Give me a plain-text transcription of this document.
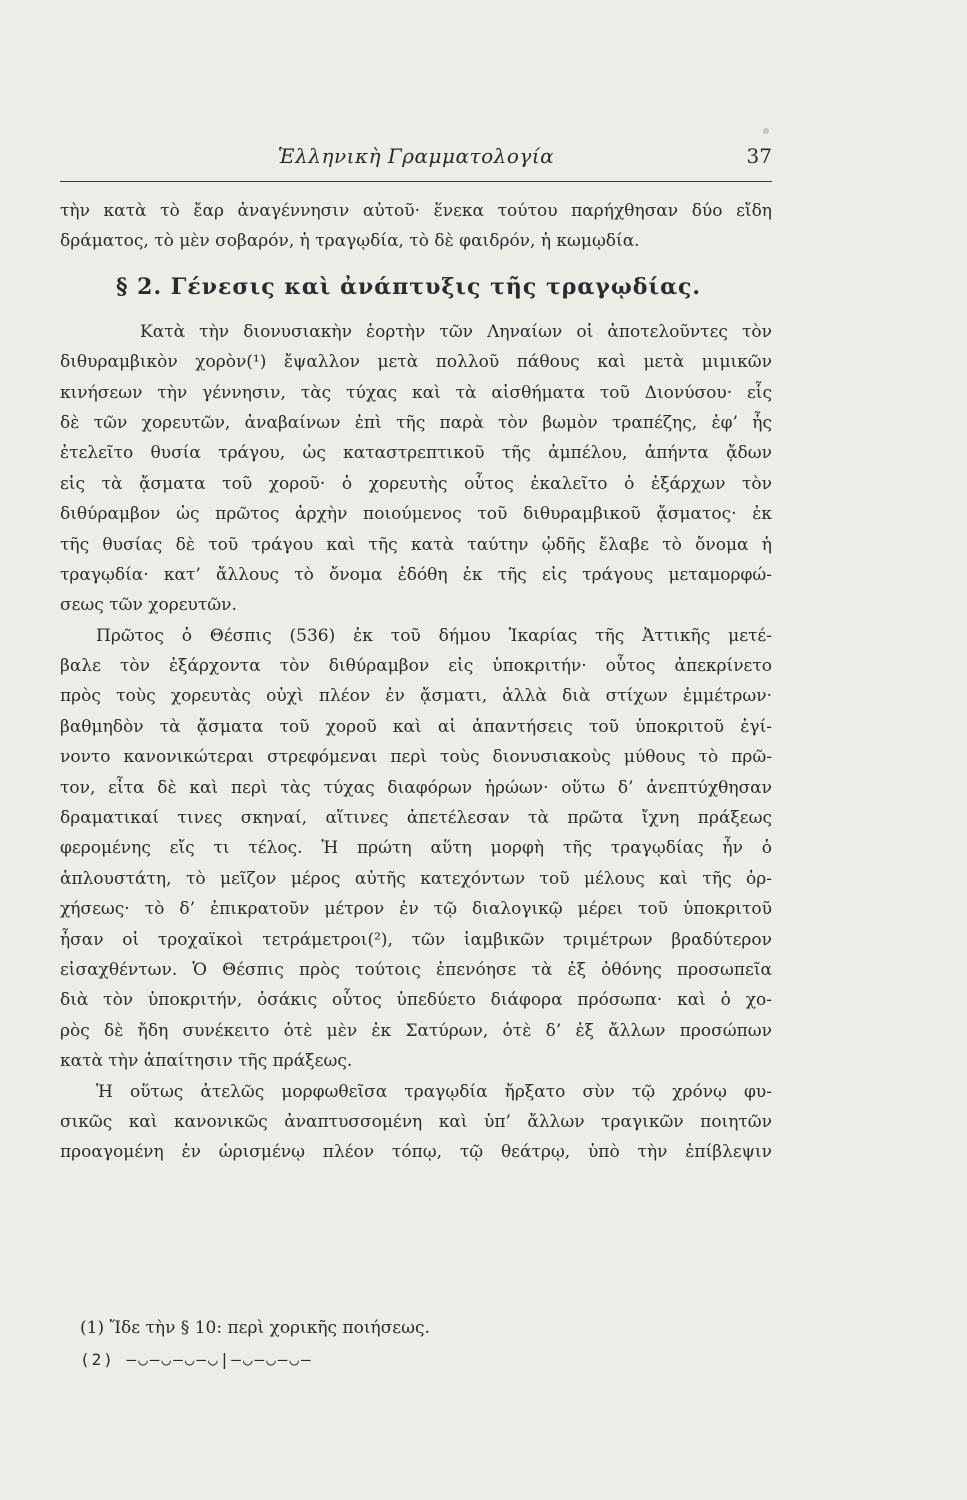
Ἑλληνικὴ Γραμματολογία	37
τὴν κατὰ τὸ ἔαρ ἀναγέννησιν αὐτοῦ· ἕνεκα τούτου παρήχθησαν δύο εἴδη
δράματος, τὸ μὲν σοβαρόν, ἡ τραγῳδία, τὸ δὲ φαιδρόν, ἡ κωμῳδία.
§ 2. Γένεσις καὶ ἀνάπτυξις τῆς τραγῳδίας.
Κατὰ τὴν διονυσιακὴν ἑορτὴν τῶν Ληναίων οἱ ἀποτελοῦντες τὸν
διθυραμβικὸν χορὸν(¹) ἔψαλλον μετὰ πολλοῦ πάθους καὶ μετὰ μιμικῶν
κινήσεων τὴν γέννησιν, τὰς τύχας καὶ τὰ αἰσθήματα τοῦ Διονύσου· εἷς
δὲ τῶν χορευτῶν, ἀναβαίνων ἐπὶ τῆς παρὰ τὸν βωμὸν τραπέζης, ἐφ’ ἧς
ἐτελεῖτο θυσία τράγου, ὡς καταστρεπτικοῦ τῆς ἀμπέλου, ἀπήντα ᾄδων
εἰς τὰ ᾄσματα τοῦ χοροῦ· ὁ χορευτὴς οὗτος ἐκαλεῖτο ὁ ἐξάρχων τὸν
διθύραμβον ὡς πρῶτος ἀρχὴν ποιούμενος τοῦ διθυραμβικοῦ ᾄσματος· ἐκ
τῆς θυσίας δὲ τοῦ τράγου καὶ τῆς κατὰ ταύτην ᾠδῆς ἔλαβε τὸ ὄνομα ἡ
τραγῳδία· κατ’ ἄλλους τὸ ὄνομα ἐδόθη ἐκ τῆς εἰς τράγους μεταμορφώ-
σεως τῶν χορευτῶν.
Πρῶτος ὁ Θέσπις (536) ἐκ τοῦ δήμου Ἰκαρίας τῆς Ἀττικῆς μετέ-
βαλε τὸν ἐξάρχοντα τὸν διθύραμβον εἰς ὑποκριτήν· οὗτος ἀπεκρίνετο
πρὸς τοὺς χορευτὰς οὐχὶ πλέον ἐν ᾄσματι, ἀλλὰ διὰ στίχων ἐμμέτρων·
βαθμηδὸν τὰ ᾄσματα τοῦ χοροῦ καὶ αἱ ἀπαντήσεις τοῦ ὑποκριτοῦ ἐγί-
νοντο κανονικώτεραι στρεφόμεναι περὶ τοὺς διονυσιακοὺς μύθους τὸ πρῶ-
τον, εἶτα δὲ καὶ περὶ τὰς τύχας διαφόρων ἡρώων· οὕτω δ’ ἀνεπτύχθησαν
δραματικαί τινες σκηναί, αἵτινες ἀπετέλεσαν τὰ πρῶτα ἴχνη πράξεως
φερομένης εἴς τι τέλος. Ἡ πρώτη αὕτη μορφὴ τῆς τραγῳδίας ἦν ὁ
ἁπλουστάτη, τὸ μεῖζον μέρος αὐτῆς κατεχόντων τοῦ μέλους καὶ τῆς ὀρ-
χήσεως· τὸ δ’ ἐπικρατοῦν μέτρον ἐν τῷ διαλογικῷ μέρει τοῦ ὑποκριτοῦ
ἦσαν οἱ τροχαϊκοὶ τετράμετροι(²), τῶν ἰαμβικῶν τριμέτρων βραδύτερον
εἰσαχθέντων. Ὁ Θέσπις πρὸς τούτοις ἐπενόησε τὰ ἐξ ὀθόνης προσωπεῖα
διὰ τὸν ὑποκριτήν, ὁσάκις οὗτος ὑπεδύετο διάφορα πρόσωπα· καὶ ὁ χο-
ρὸς δὲ ἤδη συνέκειτο ὁτὲ μὲν ἐκ Σατύρων, ὁτὲ δ’ ἐξ ἄλλων προσώπων
κατὰ τὴν ἀπαίτησιν τῆς πράξεως.
Ἡ οὕτως ἀτελῶς μορφωθεῖσα τραγῳδία ἤρξατο σὺν τῷ χρόνῳ φυ-
σικῶς καὶ κανονικῶς ἀναπτυσσομένη καὶ ὑπ’ ἄλλων τραγικῶν ποιητῶν
προαγομένη ἐν ὡρισμένῳ πλέον τόπῳ, τῷ θεάτρῳ, ὑπὸ τὴν ἐπίβλεψιν
(1) Ἴδε τὴν § 10: περὶ χορικῆς ποιήσεως.
(2) —◡—◡—◡—◡|—◡—◡—◡—
